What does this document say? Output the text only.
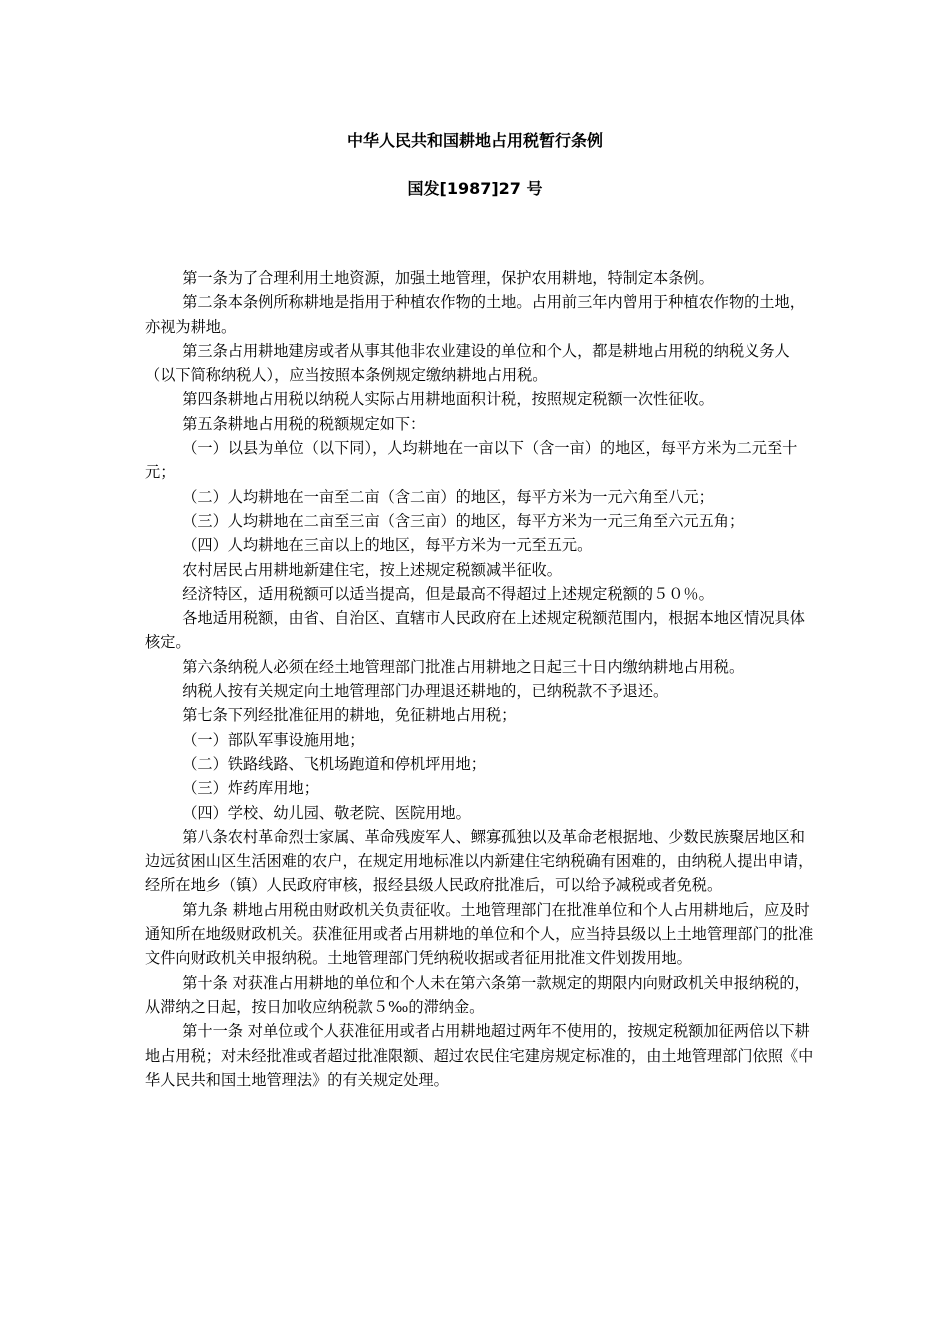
中华人民共和国耕地占用税暂行条例
国发[1987]27 号

第一条为了合理利用土地资源，加强土地管理，保护农用耕地，特制定本条例。

第二条本条例所称耕地是指用于种植农作物的土地。占用前三年内曾用于种植农作物的土地，亦视为耕地。

第三条占用耕地建房或者从事其他非农业建设的单位和个人，都是耕地占用税的纳税义务人（以下简称纳税人），应当按照本条例规定缴纳耕地占用税。

第四条耕地占用税以纳税人实际占用耕地面积计税，按照规定税额一次性征收。

第五条耕地占用税的税额规定如下：

（一）以县为单位（以下同），人均耕地在一亩以下（含一亩）的地区，每平方米为二元至十元；

（二）人均耕地在一亩至二亩（含二亩）的地区，每平方米为一元六角至八元；

（三）人均耕地在二亩至三亩（含三亩）的地区，每平方米为一元三角至六元五角；

（四）人均耕地在三亩以上的地区，每平方米为一元至五元。

农村居民占用耕地新建住宅，按上述规定税额减半征收。

经济特区，适用税额可以适当提高，但是最高不得超过上述规定税额的５０％。

各地适用税额，由省、自治区、直辖市人民政府在上述规定税额范围内，根据本地区情况具体核定。

第六条纳税人必须在经土地管理部门批准占用耕地之日起三十日内缴纳耕地占用税。

纳税人按有关规定向土地管理部门办理退还耕地的，已纳税款不予退还。

第七条下列经批准征用的耕地，免征耕地占用税；

（一）部队军事设施用地；

（二）铁路线路、飞机场跑道和停机坪用地；

（三）炸药库用地；

（四）学校、幼儿园、敬老院、医院用地。

第八条农村革命烈士家属、革命残废军人、鳏寡孤独以及革命老根据地、少数民族聚居地区和边远贫困山区生活困难的农户，在规定用地标准以内新建住宅纳税确有困难的，由纳税人提出申请，经所在地乡（镇）人民政府审核，报经县级人民政府批准后，可以给予减税或者免税。

第九条 耕地占用税由财政机关负责征收。土地管理部门在批准单位和个人占用耕地后，应及时通知所在地级财政机关。获准征用或者占用耕地的单位和个人，应当持县级以上土地管理部门的批准文件向财政机关申报纳税。土地管理部门凭纳税收据或者征用批准文件划拨用地。

第十条 对获准占用耕地的单位和个人未在第六条第一款规定的期限内向财政机关申报纳税的，从滞纳之日起，按日加收应纳税款５‰的滞纳金。

第十一条 对单位或个人获准征用或者占用耕地超过两年不使用的，按规定税额加征两倍以下耕地占用税；对未经批准或者超过批准限额、超过农民住宅建房规定标准的，由土地管理部门依照《中华人民共和国土地管理法》的有关规定处理。
